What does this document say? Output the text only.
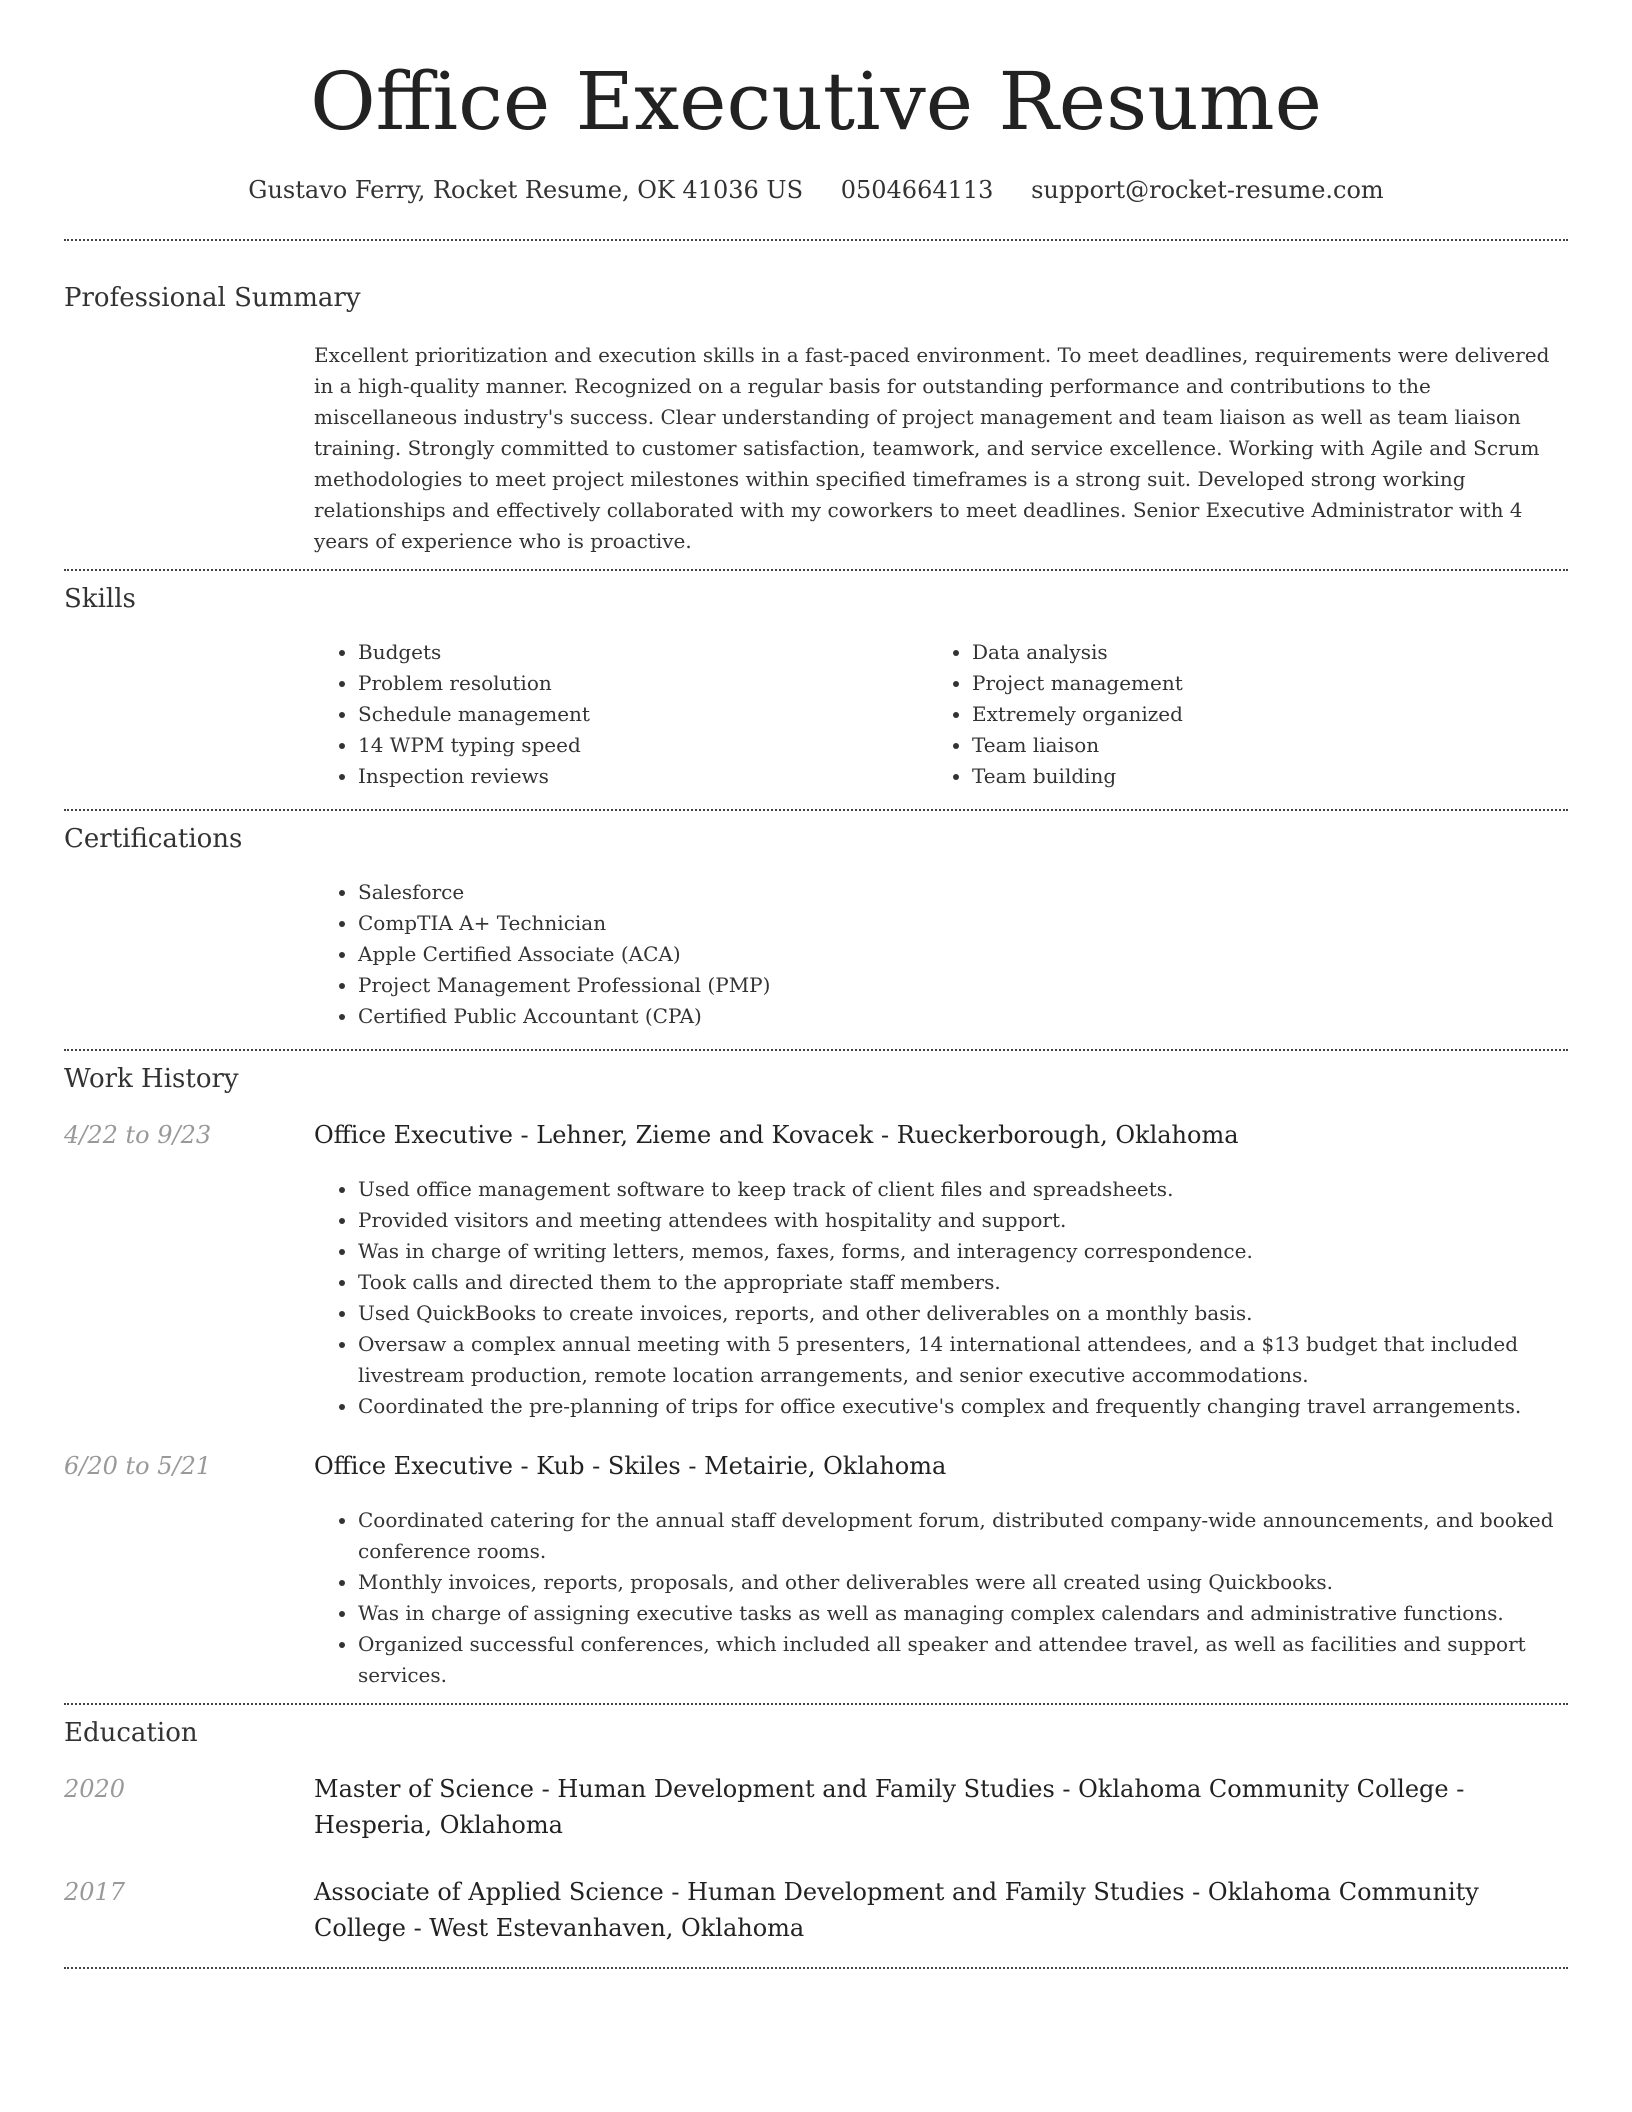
Office Executive Resume
Gustavo Ferry, Rocket Resume, OK 41036 US 0504664113 support@rocket-resume.com
Professional Summary
Excellent prioritization and execution skills in a fast-paced environment. To meet deadlines, requirements were delivered in a high-quality manner. Recognized on a regular basis for outstanding performance and contributions to the miscellaneous industry's success. Clear understanding of project management and team liaison as well as team liaison training. Strongly committed to customer satisfaction, teamwork, and service excellence. Working with Agile and Scrum methodologies to meet project milestones within specified timeframes is a strong suit. Developed strong working relationships and effectively collaborated with my coworkers to meet deadlines. Senior Executive Administrator with 4 years of experience who is proactive.
Skills
• Budgets
• Problem resolution
• Schedule management
• 14 WPM typing speed
• Inspection reviews
• Data analysis
• Project management
• Extremely organized
• Team liaison
• Team building
Certifications
• Salesforce
• CompTIA A+ Technician
• Apple Certified Associate (ACA)
• Project Management Professional (PMP)
• Certified Public Accountant (CPA)
Work History
4/22 to 9/23	Office Executive - Lehner, Zieme and Kovacek - Rueckerborough, Oklahoma
• Used office management software to keep track of client files and spreadsheets.
• Provided visitors and meeting attendees with hospitality and support.
• Was in charge of writing letters, memos, faxes, forms, and interagency correspondence.
• Took calls and directed them to the appropriate staff members.
• Used QuickBooks to create invoices, reports, and other deliverables on a monthly basis.
• Oversaw a complex annual meeting with 5 presenters, 14 international attendees, and a $13 budget that included livestream production, remote location arrangements, and senior executive accommodations.
• Coordinated the pre-planning of trips for office executive's complex and frequently changing travel arrangements.
6/20 to 5/21	Office Executive - Kub - Skiles - Metairie, Oklahoma
• Coordinated catering for the annual staff development forum, distributed company-wide announcements, and booked conference rooms.
• Monthly invoices, reports, proposals, and other deliverables were all created using Quickbooks.
• Was in charge of assigning executive tasks as well as managing complex calendars and administrative functions.
• Organized successful conferences, which included all speaker and attendee travel, as well as facilities and support services.
Education
2020	Master of Science - Human Development and Family Studies - Oklahoma Community College - Hesperia, Oklahoma
2017	Associate of Applied Science - Human Development and Family Studies - Oklahoma Community College - West Estevanhaven, Oklahoma
